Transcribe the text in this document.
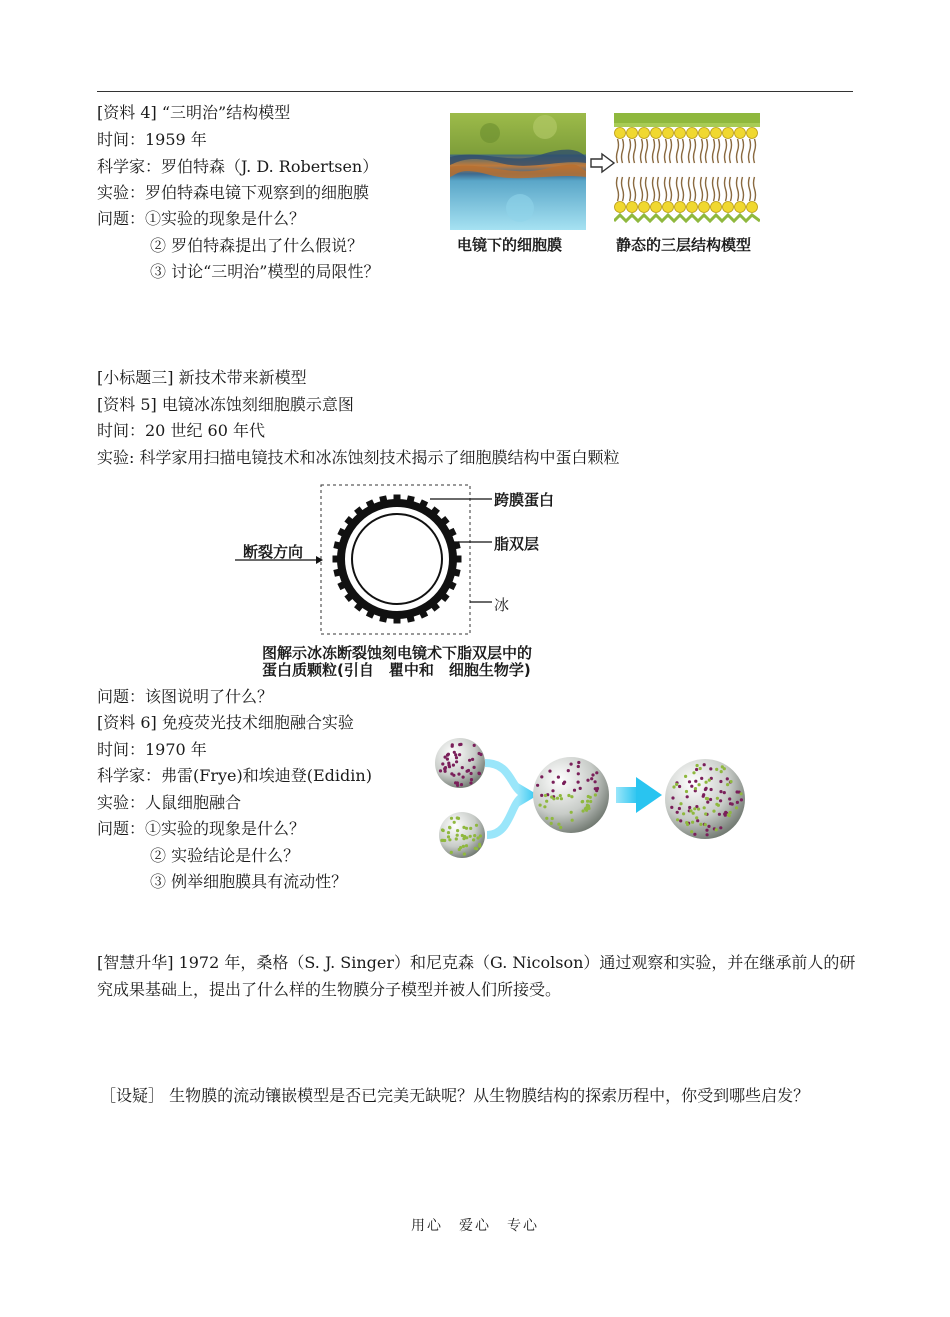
[资料 4] “三明治”结构模型
时间：1959 年
科学家：罗伯特森（J. D. Robertsen）
实验：罗伯特森电镜下观察到的细胞膜
问题：①实验的现象是什么？
② 罗伯特森提出了什么假说？
③ 讨论“三明治”模型的局限性？
电镜下的细胞膜	静态的三层结构模型
[小标题三] 新技术带来新模型
[资料 5] 电镜冰冻蚀刻细胞膜示意图
时间：20 世纪 60 年代
实验: 科学家用扫描电镜技术和冰冻蚀刻技术揭示了细胞膜结构中蛋白颗粒
跨膜蛋白
脂双层
冰
断裂方向
图解示冰冻断裂蚀刻电镜术下脂双层中的
蛋白质颗粒(引自　瞿中和　细胞生物学)
问题：该图说明了什么？
[资料 6] 免疫荧光技术细胞融合实验
时间：1970 年
科学家：弗雷(Frye)和埃迪登(Edidin)
实验：人鼠细胞融合
问题：①实验的现象是什么？
② 实验结论是什么？
③ 例举细胞膜具有流动性？
[智慧升华] 1972 年，桑格（S. J. Singer）和尼克森（G. Nicolson）通过观察和实验，并在继承前人的研究成果基础上，提出了什么样的生物膜分子模型并被人们所接受。
［设疑］ 生物膜的流动镶嵌模型是否已完美无缺呢？从生物膜结构的探索历程中，你受到哪些启发？
用心　爱心　专心
